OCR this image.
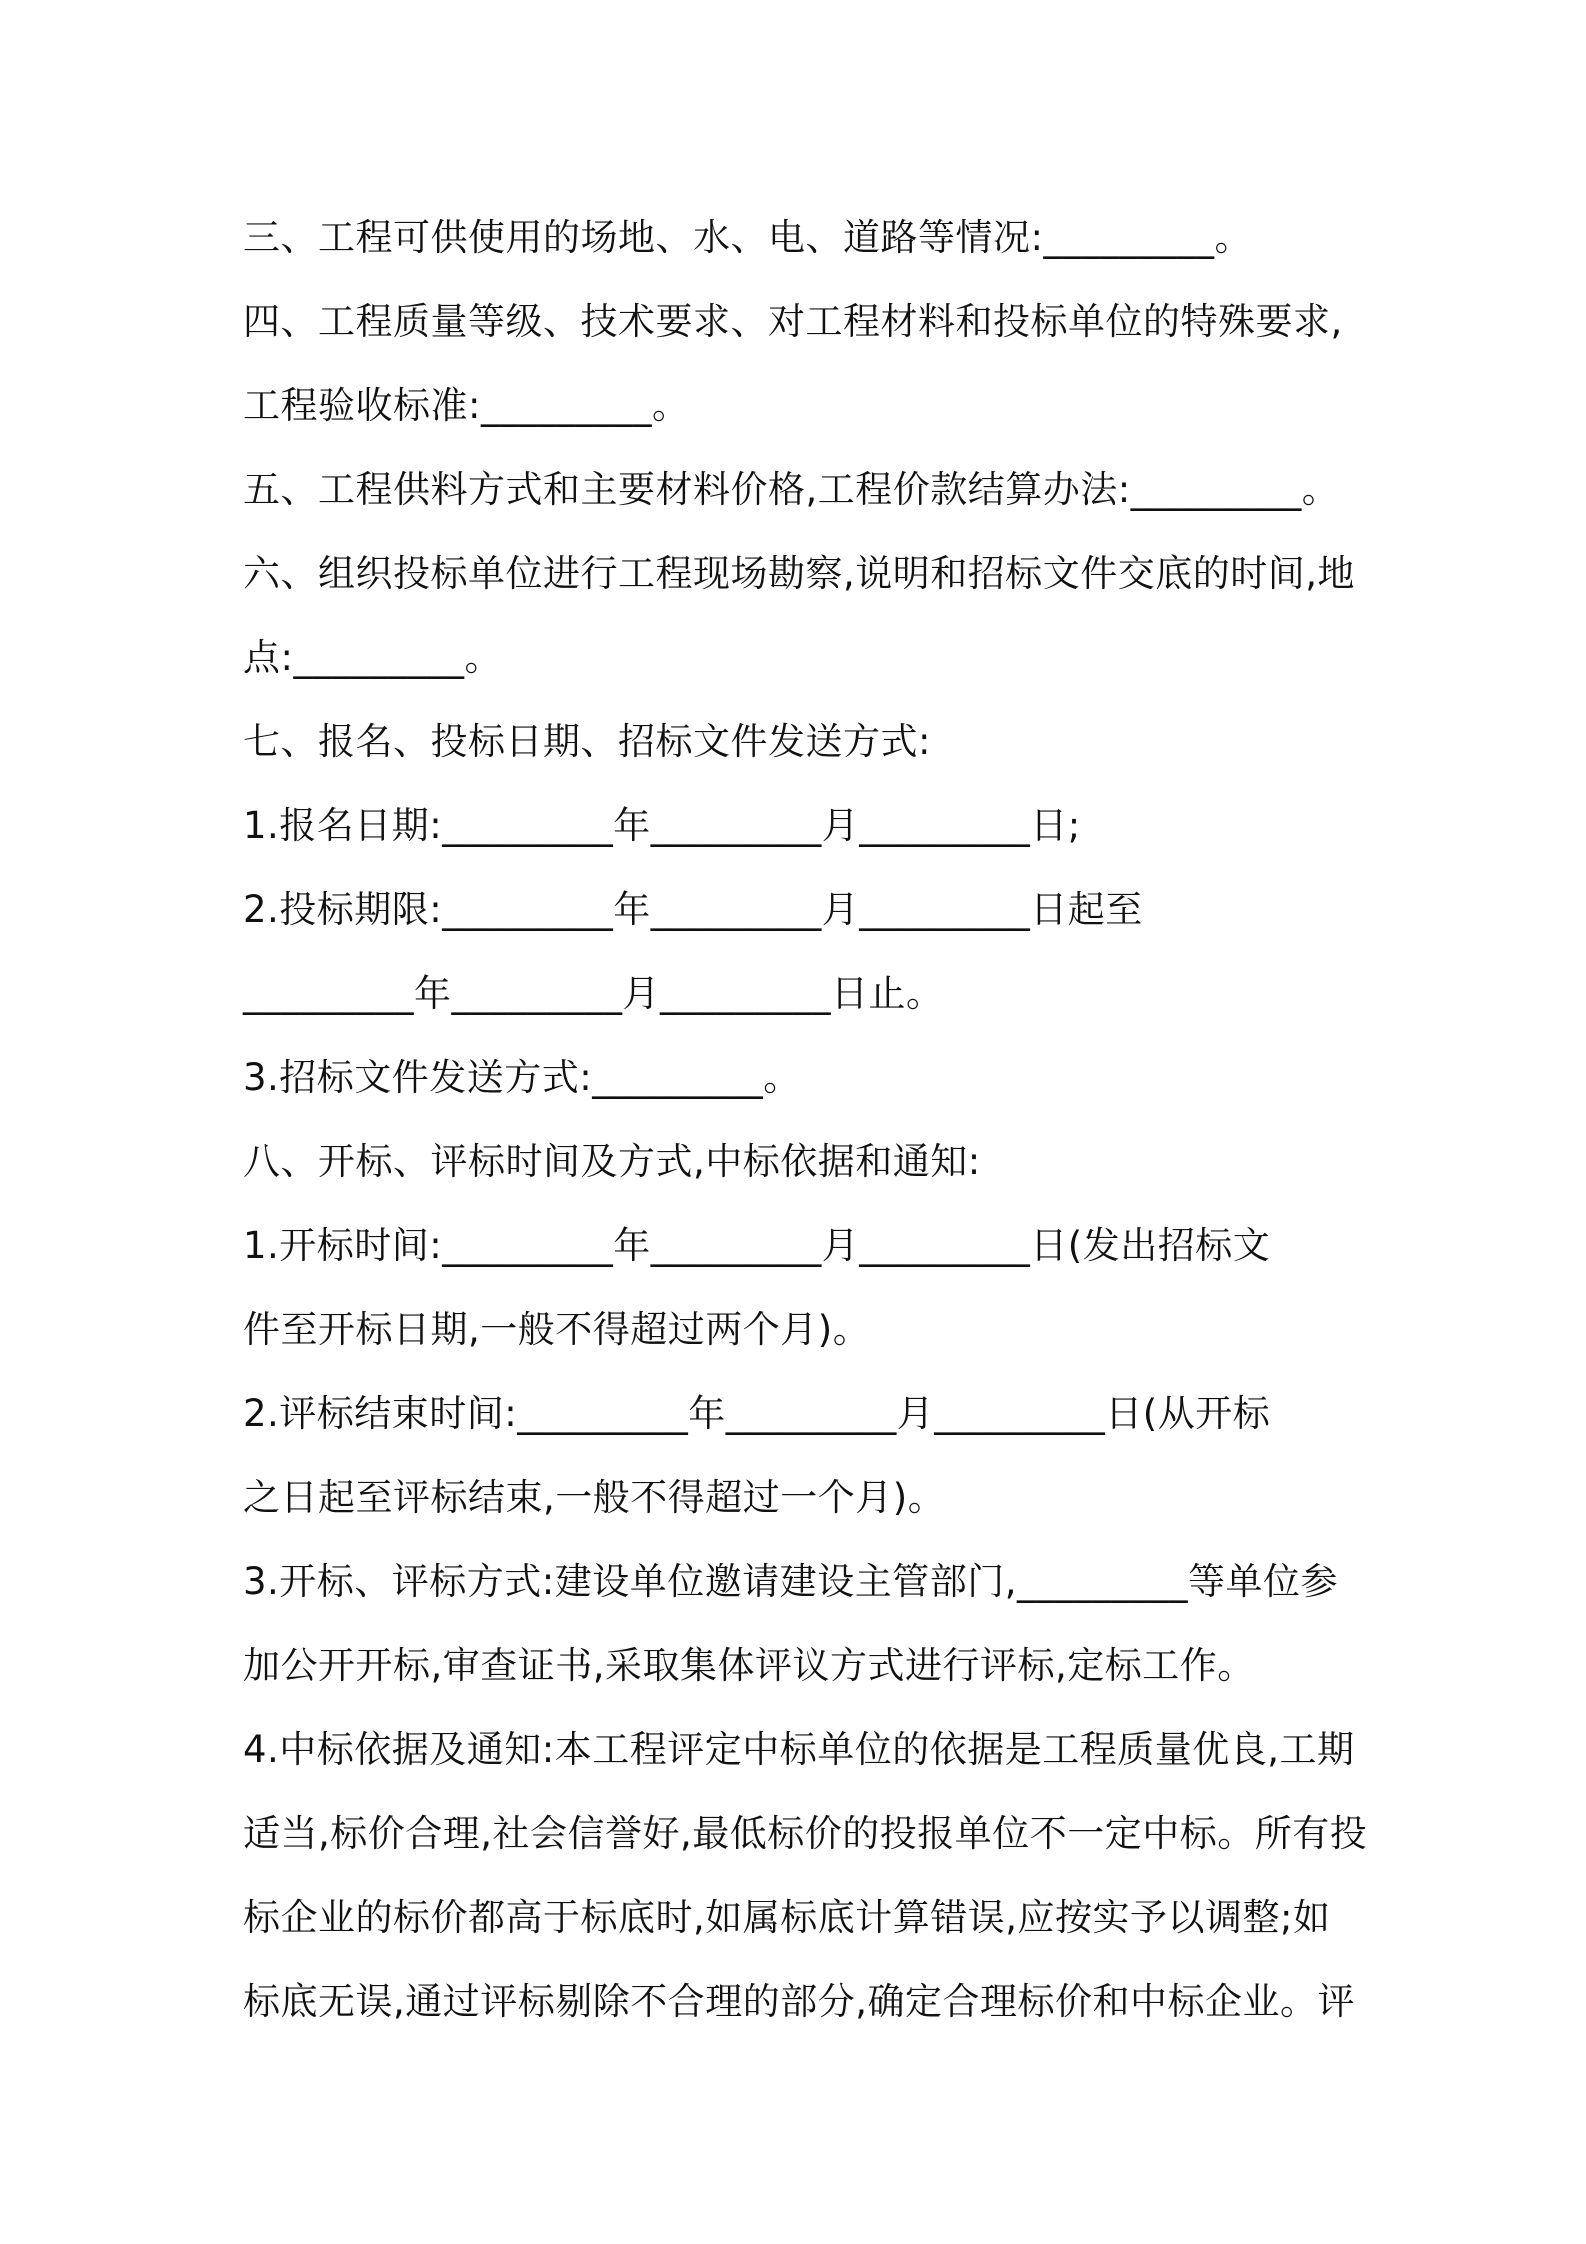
三、工程可供使用的场地、水、电、道路等情况:_________。
四、工程质量等级、技术要求、对工程材料和投标单位的特殊要求,
工程验收标准:_________。
五、工程供料方式和主要材料价格,工程价款结算办法:_________。
六、组织投标单位进行工程现场勘察,说明和招标文件交底的时间,地
点:_________。
七、报名、投标日期、招标文件发送方式:
1.报名日期:_________年_________月_________日;
2.投标期限:_________年_________月_________日起至
_________年_________月_________日止。
3.招标文件发送方式:_________。
八、开标、评标时间及方式,中标依据和通知:
1.开标时间:_________年_________月_________日(发出招标文
件至开标日期,一般不得超过两个月)。
2.评标结束时间:_________年_________月_________日(从开标
之日起至评标结束,一般不得超过一个月)。
3.开标、评标方式:建设单位邀请建设主管部门,_________等单位参
加公开开标,审查证书,采取集体评议方式进行评标,定标工作。
4.中标依据及通知:本工程评定中标单位的依据是工程质量优良,工期
适当,标价合理,社会信誉好,最低标价的投报单位不一定中标。所有投
标企业的标价都高于标底时,如属标底计算错误,应按实予以调整;如
标底无误,通过评标剔除不合理的部分,确定合理标价和中标企业。评
